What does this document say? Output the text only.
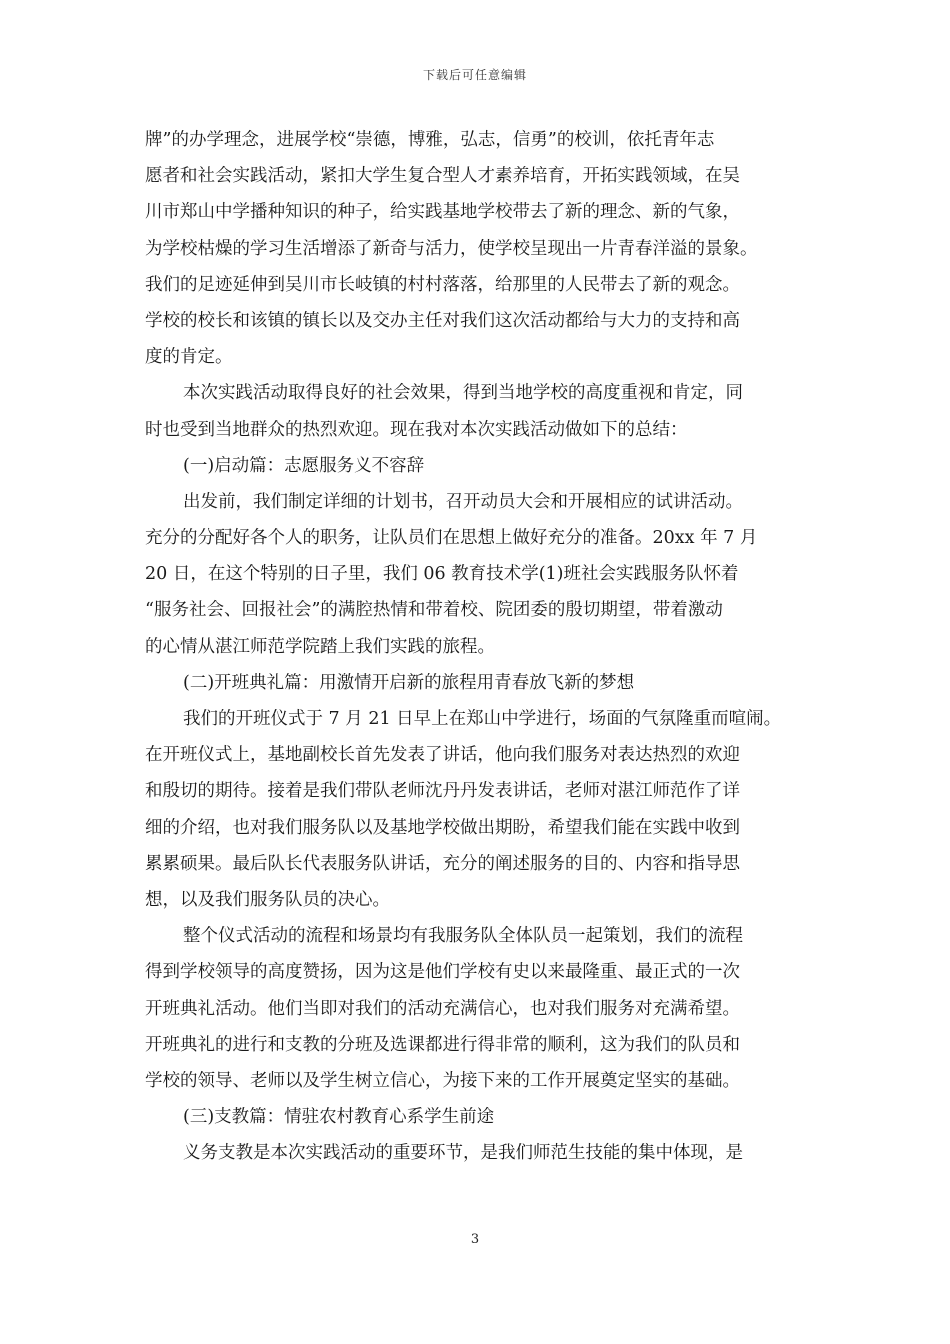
下载后可任意编辑
牌”的办学理念，进展学校“崇德，博雅，弘志，信勇”的校训，依托青年志
愿者和社会实践活动，紧扣大学生复合型人才素养培育，开拓实践领域，在吴
川市郑山中学播种知识的种子，给实践基地学校带去了新的理念、新的气象，
为学校枯燥的学习生活增添了新奇与活力，使学校呈现出一片青春洋溢的景象。
我们的足迹延伸到吴川市长岐镇的村村落落，给那里的人民带去了新的观念。
学校的校长和该镇的镇长以及交办主任对我们这次活动都给与大力的支持和高
度的肯定。
本次实践活动取得良好的社会效果，得到当地学校的高度重视和肯定，同
时也受到当地群众的热烈欢迎。现在我对本次实践活动做如下的总结：
(一)启动篇：志愿服务义不容辞
出发前，我们制定详细的计划书，召开动员大会和开展相应的试讲活动。
充分的分配好各个人的职务，让队员们在思想上做好充分的准备。20xx 年 7 月
20 日，在这个特别的日子里，我们 06 教育技术学(1)班社会实践服务队怀着
“服务社会、回报社会”的满腔热情和带着校、院团委的殷切期望，带着激动
的心情从湛江师范学院踏上我们实践的旅程。
(二)开班典礼篇：用激情开启新的旅程用青春放飞新的梦想
我们的开班仪式于 7 月 21 日早上在郑山中学进行，场面的气氛隆重而喧闹。
在开班仪式上，基地副校长首先发表了讲话，他向我们服务对表达热烈的欢迎
和殷切的期待。接着是我们带队老师沈丹丹发表讲话，老师对湛江师范作了详
细的介绍，也对我们服务队以及基地学校做出期盼，希望我们能在实践中收到
累累硕果。最后队长代表服务队讲话，充分的阐述服务的目的、内容和指导思
想，以及我们服务队员的决心。
整个仪式活动的流程和场景均有我服务队全体队员一起策划，我们的流程
得到学校领导的高度赞扬，因为这是他们学校有史以来最隆重、最正式的一次
开班典礼活动。他们当即对我们的活动充满信心，也对我们服务对充满希望。
开班典礼的进行和支教的分班及选课都进行得非常的顺利，这为我们的队员和
学校的领导、老师以及学生树立信心，为接下来的工作开展奠定坚实的基础。
(三)支教篇：情驻农村教育心系学生前途
义务支教是本次实践活动的重要环节，是我们师范生技能的集中体现，是
3
